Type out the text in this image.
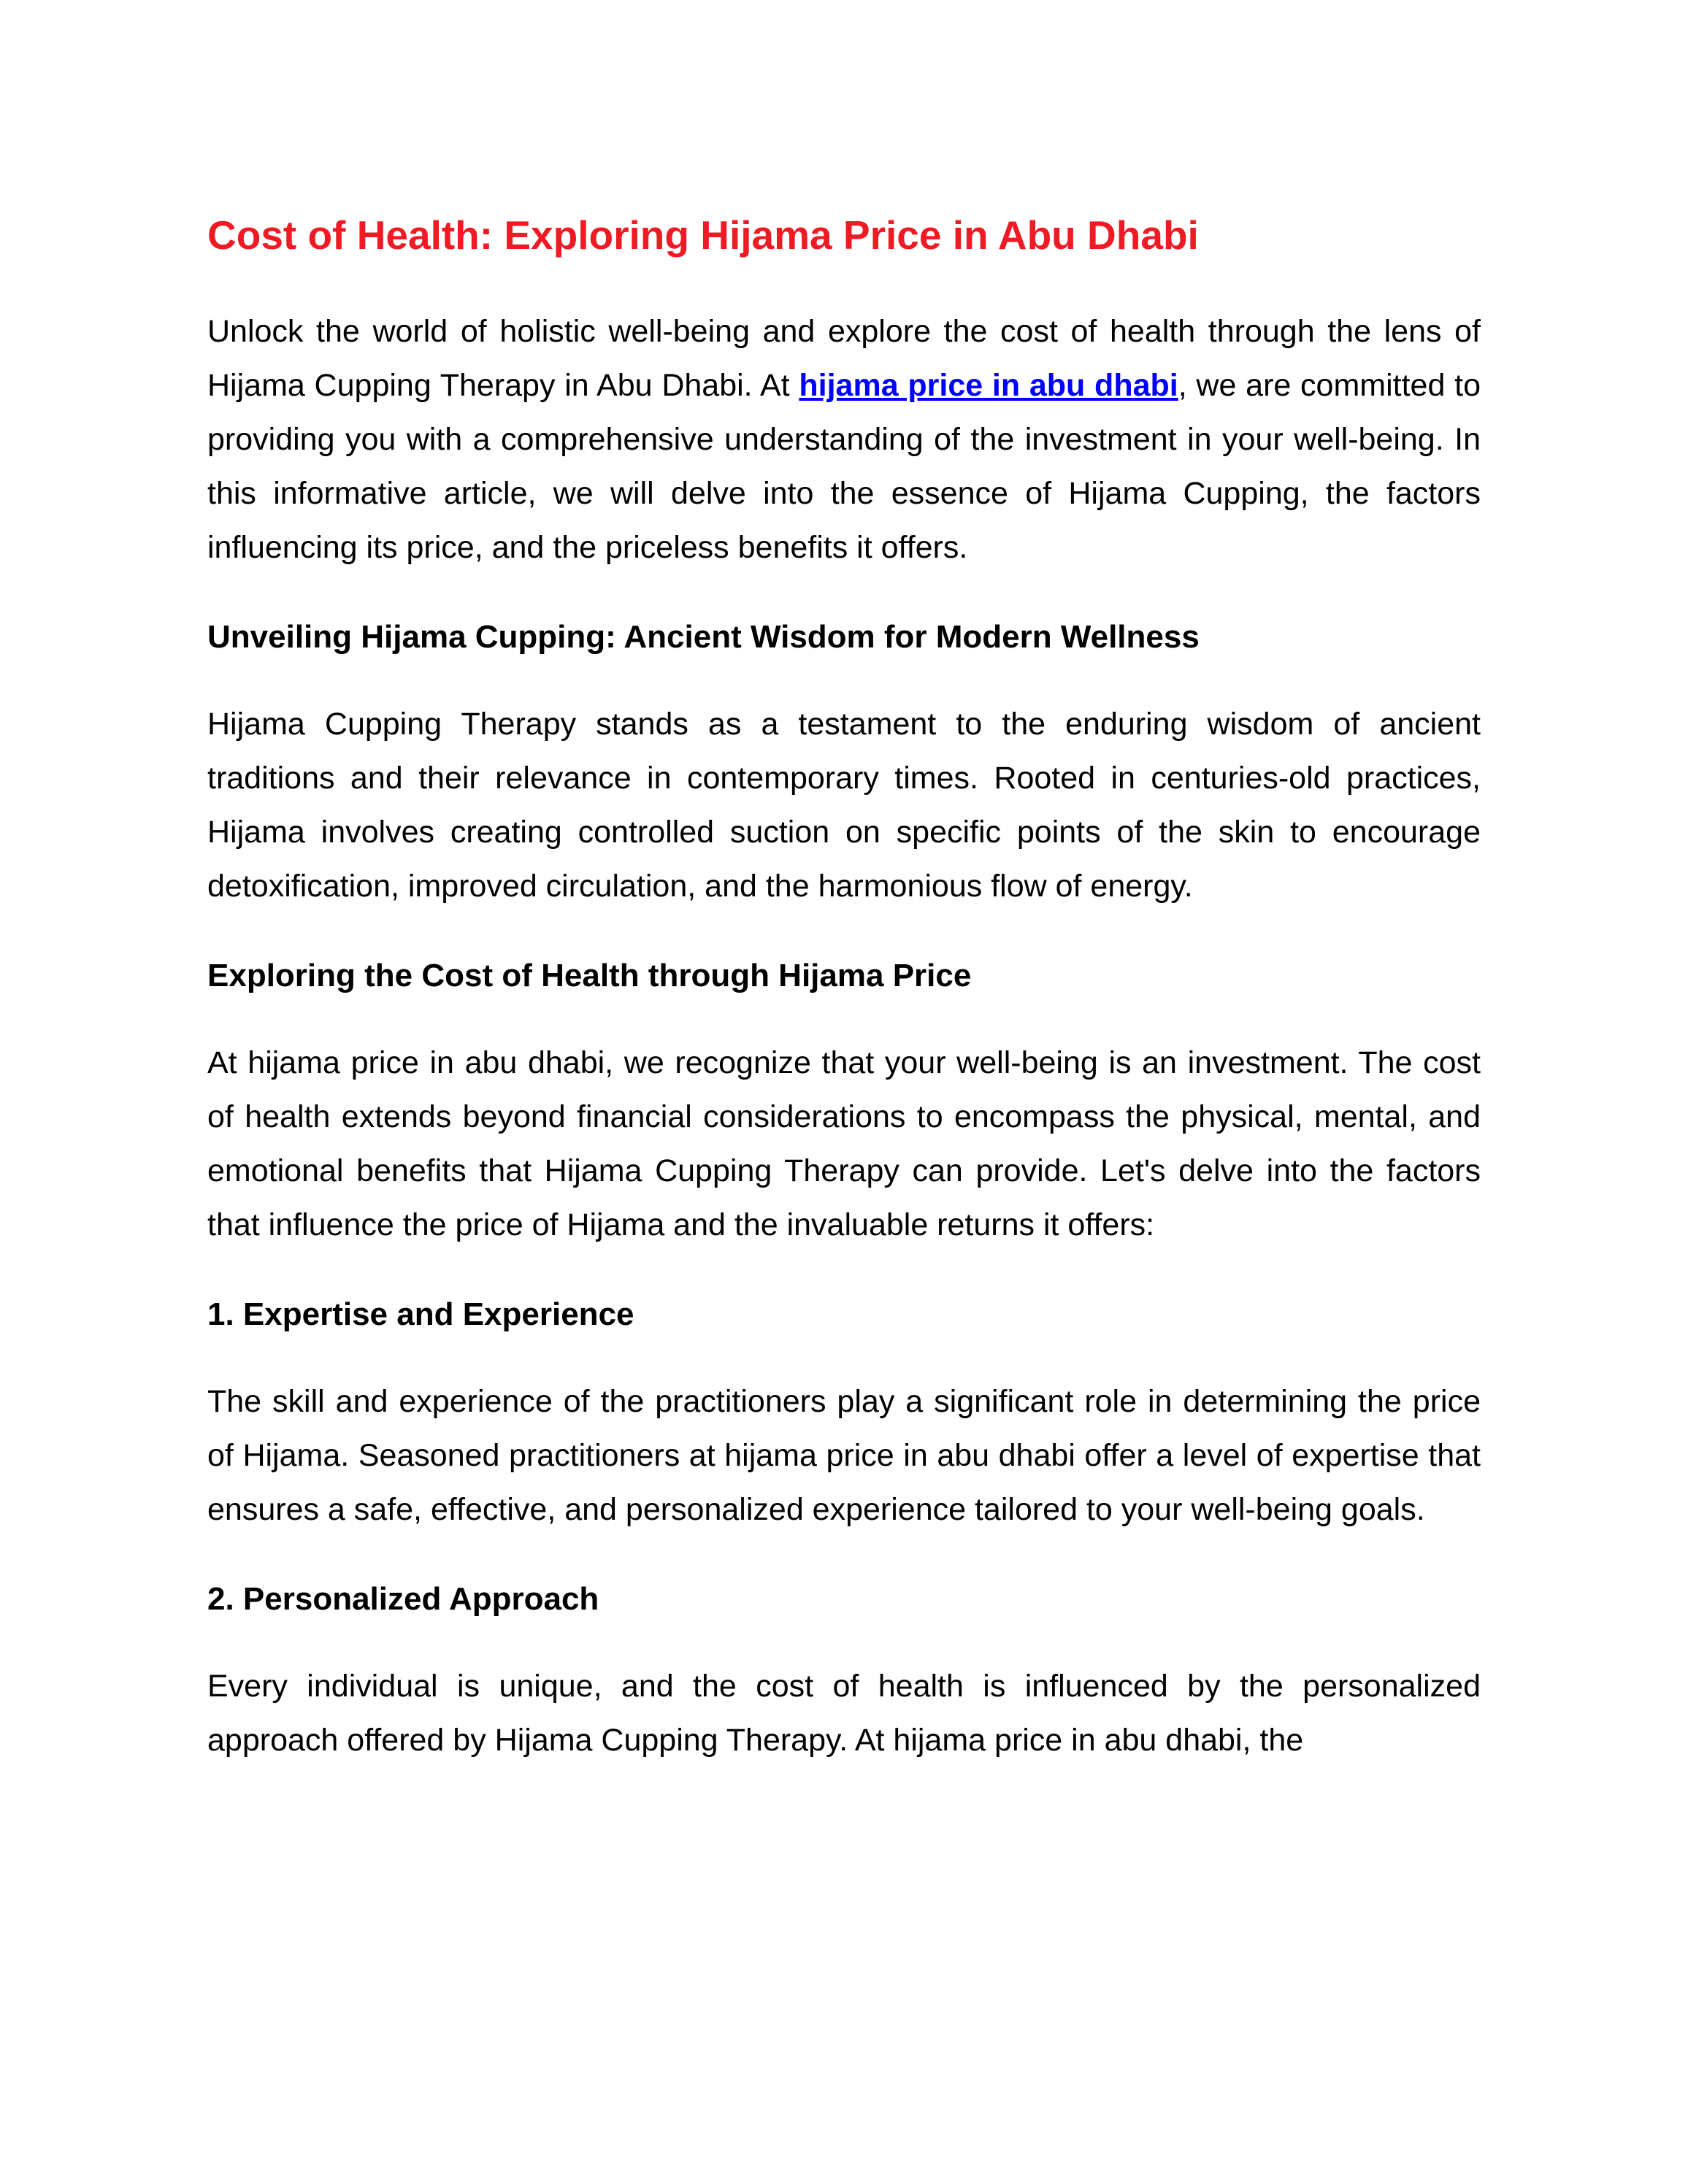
Cost of Health: Exploring Hijama Price in Abu Dhabi

Unlock the world of holistic well-being and explore the cost of health through the lens of Hijama Cupping Therapy in Abu Dhabi. At hijama price in abu dhabi, we are committed to providing you with a comprehensive understanding of the investment in your well-being. In this informative article, we will delve into the essence of Hijama Cupping, the factors influencing its price, and the priceless benefits it offers.

Unveiling Hijama Cupping: Ancient Wisdom for Modern Wellness

Hijama Cupping Therapy stands as a testament to the enduring wisdom of ancient traditions and their relevance in contemporary times. Rooted in centuries-old practices, Hijama involves creating controlled suction on specific points of the skin to encourage detoxification, improved circulation, and the harmonious flow of energy.

Exploring the Cost of Health through Hijama Price

At hijama price in abu dhabi, we recognize that your well-being is an investment. The cost of health extends beyond financial considerations to encompass the physical, mental, and emotional benefits that Hijama Cupping Therapy can provide. Let's delve into the factors that influence the price of Hijama and the invaluable returns it offers:

1. Expertise and Experience

The skill and experience of the practitioners play a significant role in determining the price of Hijama. Seasoned practitioners at hijama price in abu dhabi offer a level of expertise that ensures a safe, effective, and personalized experience tailored to your well-being goals.

2. Personalized Approach

Every individual is unique, and the cost of health is influenced by the personalized approach offered by Hijama Cupping Therapy. At hijama price in abu dhabi, the
